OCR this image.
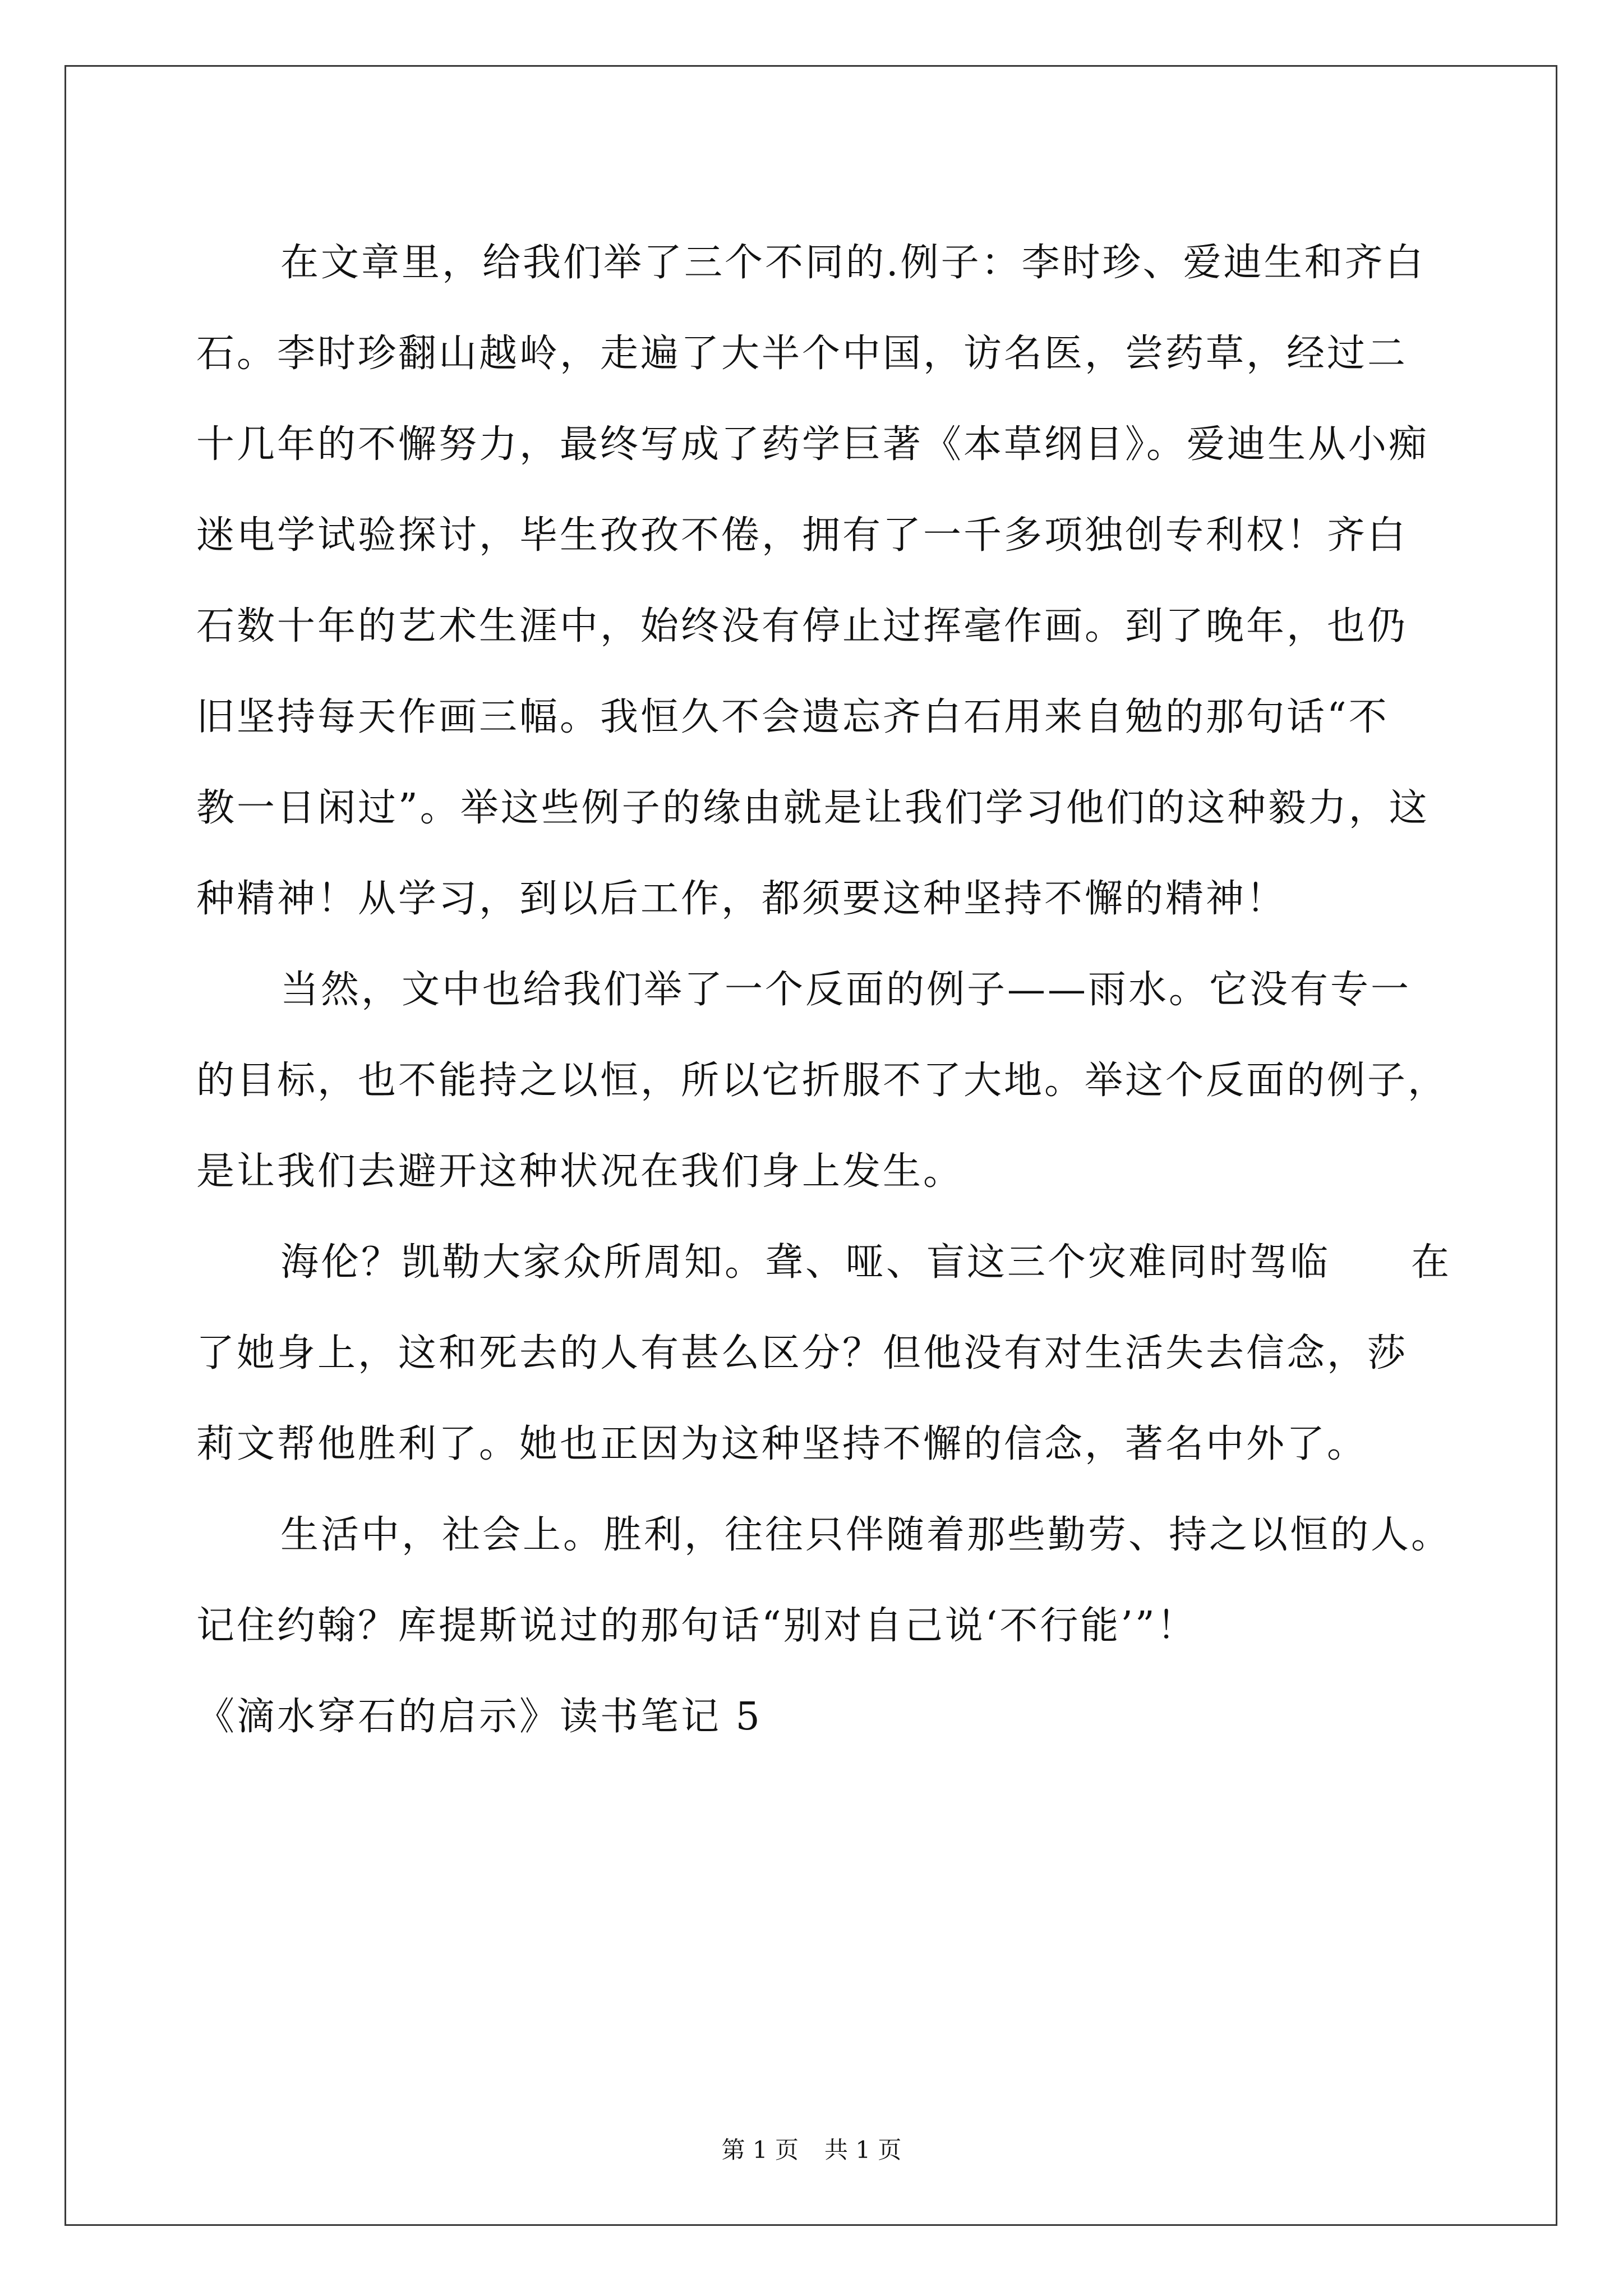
在文章里，给我们举了三个不同的.例子：李时珍、爱迪生和齐白
石。李时珍翻山越岭，走遍了大半个中国，访名医，尝药草，经过二
十几年的不懈努力，最终写成了药学巨著《本草纲目》。爱迪生从小痴
迷电学试验探讨，毕生孜孜不倦，拥有了一千多项独创专利权！齐白
石数十年的艺术生涯中，始终没有停止过挥毫作画。到了晚年，也仍
旧坚持每天作画三幅。我恒久不会遗忘齐白石用来自勉的那句话“不
教一日闲过”。举这些例子的缘由就是让我们学习他们的这种毅力，这
种精神！从学习，到以后工作，都须要这种坚持不懈的精神！

当然，文中也给我们举了一个反面的例子——雨水。它没有专一
的目标，也不能持之以恒，所以它折服不了大地。举这个反面的例子，
是让我们去避开这种状况在我们身上发生。

海伦？凯勒大家众所周知。聋、哑、盲这三个灾难同时驾临　　在
了她身上，这和死去的人有甚么区分？但他没有对生活失去信念，莎
莉文帮他胜利了。她也正因为这种坚持不懈的信念，著名中外了。

生活中，社会上。胜利，往往只伴随着那些勤劳、持之以恒的人。
记住约翰？库提斯说过的那句话“别对自己说‘不行能’”！

《滴水穿石的启示》读书笔记 5
第 1 页 共 1 页
